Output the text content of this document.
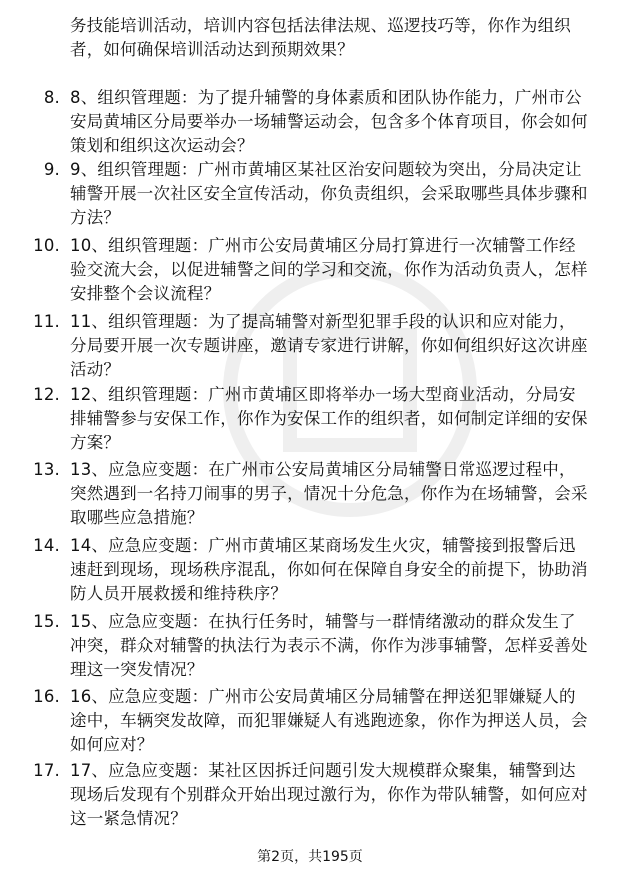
务技能培训活动，培训内容包括法律法规、巡逻技巧等，你作为组织者，如何确保培训活动达到预期效果？
8. 8、组织管理题：为了提升辅警的身体素质和团队协作能力，广州市公安局黄埔区分局要举办一场辅警运动会，包含多个体育项目，你会如何策划和组织这次运动会？
9. 9、组织管理题：广州市黄埔区某社区治安问题较为突出，分局决定让辅警开展一次社区安全宣传活动，你负责组织，会采取哪些具体步骤和方法？
10. 10、组织管理题：广州市公安局黄埔区分局打算进行一次辅警工作经验交流大会，以促进辅警之间的学习和交流，你作为活动负责人，怎样安排整个会议流程？
11. 11、组织管理题：为了提高辅警对新型犯罪手段的认识和应对能力，分局要开展一次专题讲座，邀请专家进行讲解，你如何组织好这次讲座活动？
12. 12、组织管理题：广州市黄埔区即将举办一场大型商业活动，分局安排辅警参与安保工作，你作为安保工作的组织者，如何制定详细的安保方案？
13. 13、应急应变题：在广州市公安局黄埔区分局辅警日常巡逻过程中，突然遇到一名持刀闹事的男子，情况十分危急，你作为在场辅警，会采取哪些应急措施？
14. 14、应急应变题：广州市黄埔区某商场发生火灾，辅警接到报警后迅速赶到现场，现场秩序混乱，你如何在保障自身安全的前提下，协助消防人员开展救援和维持秩序？
15. 15、应急应变题：在执行任务时，辅警与一群情绪激动的群众发生了冲突，群众对辅警的执法行为表示不满，你作为涉事辅警，怎样妥善处理这一突发情况？
16. 16、应急应变题：广州市公安局黄埔区分局辅警在押送犯罪嫌疑人的途中，车辆突发故障，而犯罪嫌疑人有逃跑迹象，你作为押送人员，会如何应对？
17. 17、应急应变题：某社区因拆迁问题引发大规模群众聚集，辅警到达现场后发现有个别群众开始出现过激行为，你作为带队辅警，如何应对这一紧急情况？
第2页，共195页
